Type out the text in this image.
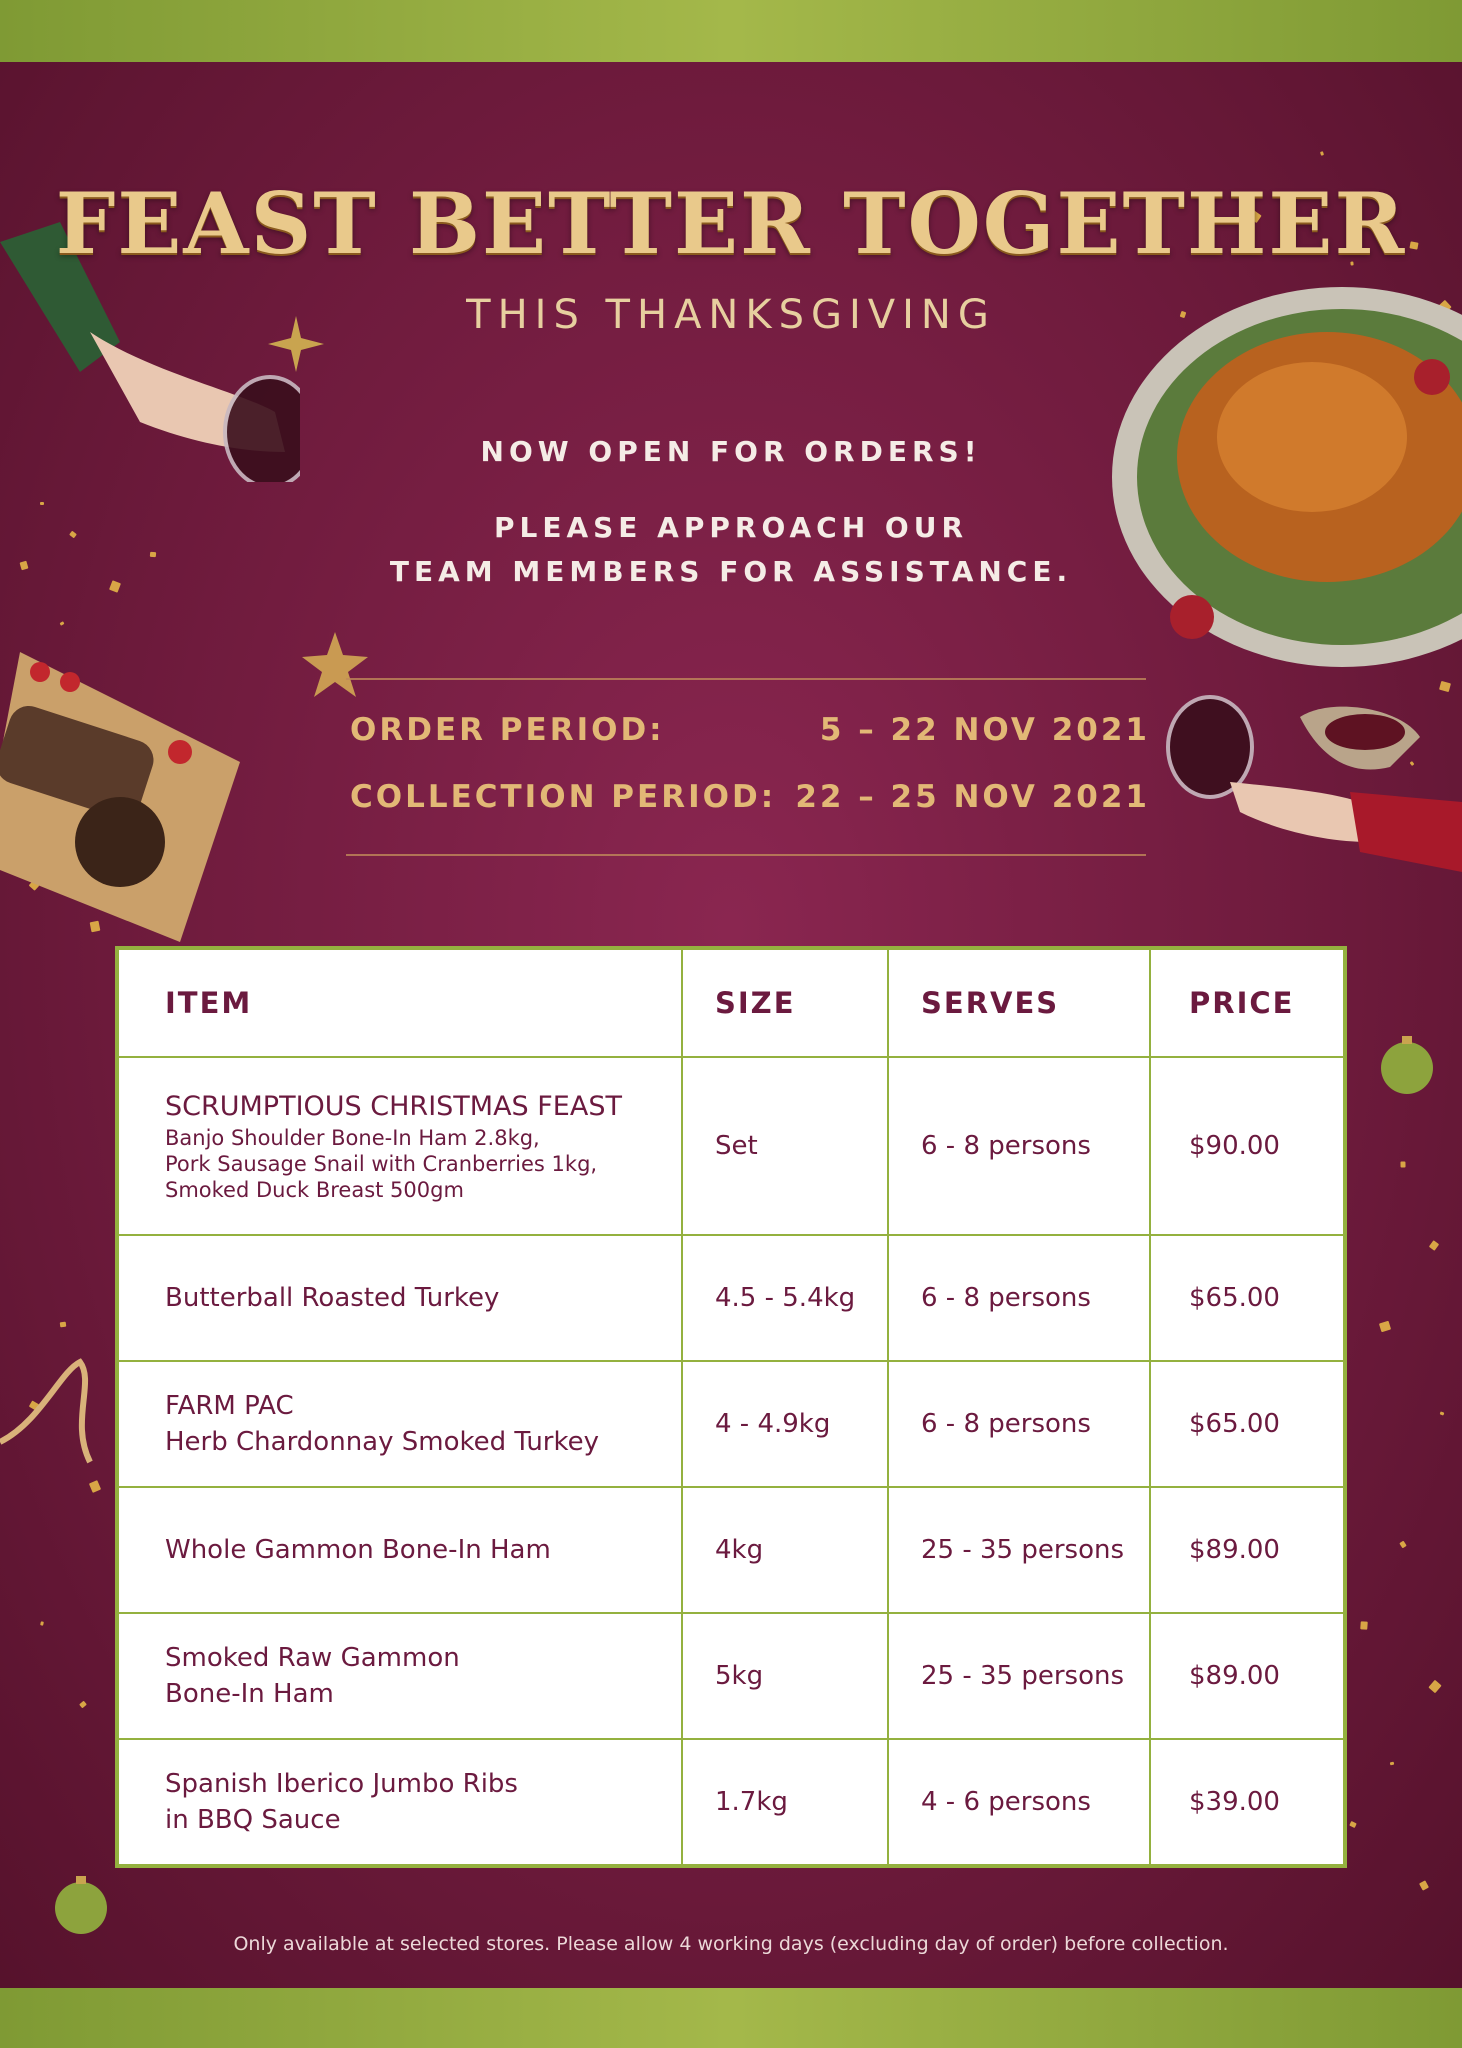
FEAST BETTER TOGETHER
THIS THANKSGIVING
NOW OPEN FOR ORDERS!
PLEASE APPROACH OUR
TEAM MEMBERS FOR ASSISTANCE.
ORDER PERIOD:	5 – 22 NOV 2021
COLLECTION PERIOD: 22 – 25 NOV 2021
ITEM	SIZE	SERVES	PRICE
SCRUMPTIOUS CHRISTMAS FEAST
Banjo Shoulder Bone-In Ham 2.8kg,
Pork Sausage Snail with Cranberries 1kg,
Smoked Duck Breast 500gm
Set	6 - 8 persons	$90.00
Butterball Roasted Turkey	4.5 - 5.4kg	6 - 8 persons	$65.00
FARM PAC
Herb Chardonnay Smoked Turkey
4 - 4.9kg	6 - 8 persons	$65.00
Whole Gammon Bone-In Ham	4kg	25 - 35 persons	$89.00
Smoked Raw Gammon
Bone-In Ham
5kg	25 - 35 persons	$89.00
Spanish Iberico Jumbo Ribs
in BBQ Sauce
1.7kg	4 - 6 persons	$39.00
Only available at selected stores. Please allow 4 working days (excluding day of order) before collection.
